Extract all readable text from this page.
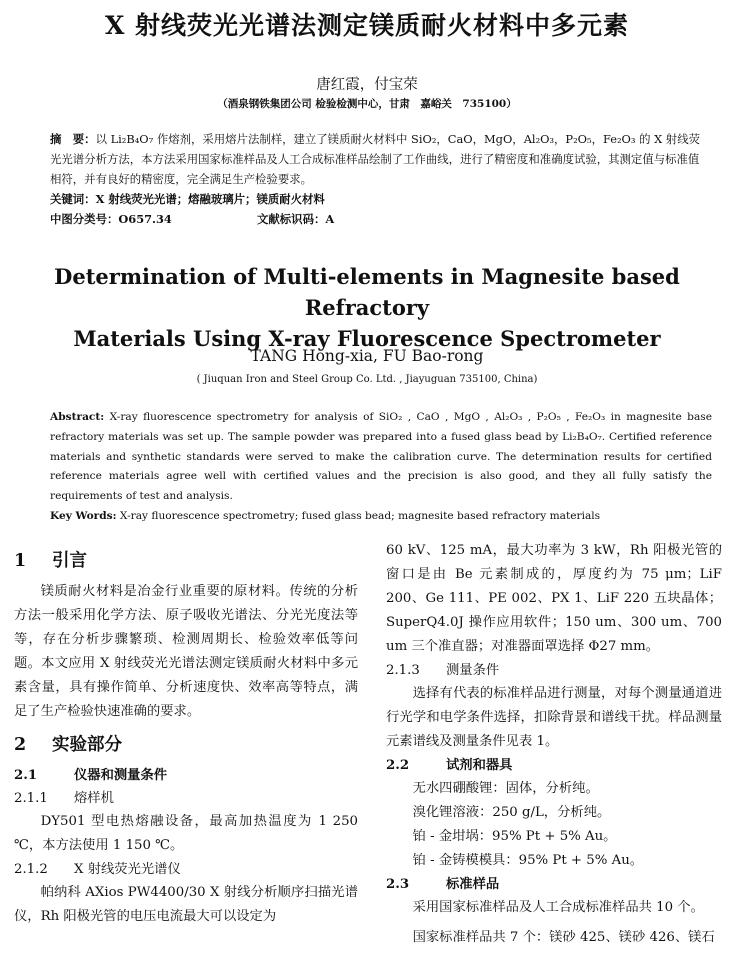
X 射线荧光光谱法测定镁质耐火材料中多元素
唐红霞，付宝荣
（酒泉钢铁集团公司 检验检测中心，甘肃　嘉峪关　735100）
摘　要：以 Li₂B₄O₇ 作熔剂，采用熔片法制样，建立了镁质耐火材料中 SiO₂，CaO，MgO，Al₂O₃，P₂O₅，Fe₂O₃ 的 X 射线荧光光谱分析方法，本方法采用国家标准样品及人工合成标准样品绘制了工作曲线，进行了精密度和准确度试验，其测定值与标准值相符，并有良好的精密度，完全满足生产检验要求。
关键词：X 射线荧光光谱；熔融玻璃片；镁质耐火材料
中图分类号：O657.34	文献标识码：A
Determination of Multi-elements in Magnesite based Refractory
Materials Using X-ray Fluorescence Spectrometer
TANG Hong-xia, FU Bao-rong
( Jiuquan Iron and Steel Group Co. Ltd. , Jiayuguan 735100, China)
Abstract: X-ray fluorescence spectrometry for analysis of SiO₂ , CaO , MgO , Al₂O₃ , P₂O₅ , Fe₂O₃ in magnesite base refractory materials was set up. The sample powder was prepared into a fused glass bead by Li₂B₄O₇. Certified reference materials and synthetic standards were served to make the calibration curve. The determination results for certified reference materials agree well with certified values and the precision is also good, and they all fully satisfy the requirements of test and analysis.
Key Words: X-ray fluorescence spectrometry; fused glass bead; magnesite based refractory materials
1 引言

镁质耐火材料是冶金行业重要的原材料。传统的分析方法一般采用化学方法、原子吸收光谱法、分光光度法等等，存在分析步骤繁琐、检测周期长、检验效率低等问题。本文应用 X 射线荧光光谱法测定镁质耐火材料中多元素含量，具有操作简单、分析速度快、效率高等特点，满足了生产检验快速准确的要求。

2 实验部分
2.1	仪器和测量条件
2.1.1 熔样机

DY501 型电热熔融设备，最高加热温度为 1 250 ℃，本方法使用 1 150 ℃。

2.1.2 X 射线荧光光谱仪

帕纳科 AXios PW4400/30 X 射线分析顺序扫描光谱仪，Rh 阳极光管的电压电流最大可以设定为

60 kV、125 mA，最大功率为 3 kW，Rh 阳极光管的窗口是由 Be 元素制成的，厚度约为 75 μm；LiF 200、Ge 111、PE 002、PX 1、LiF 220 五块晶体；SuperQ4.0J 操作应用软件；150 um、300 um、700 um 三个准直器；对准器面罩选择 Φ27 mm。

2.1.3 测量条件

选择有代表的标准样品进行测量，对每个测量通道进行光学和电学条件选择，扣除背景和谱线干扰。样品测量元素谱线及测量条件见表 1。

2.2	试剂和器具

无水四硼酸锂：固体，分析纯。

溴化锂溶液：250 g/L，分析纯。

铂 - 金坩埚：95% Pt + 5% Au。

铂 - 金铸模模具：95% Pt + 5% Au。

2.3	标准样品

采用国家标准样品及人工合成标准样品共 10 个。

国家标准样品共 7 个：镁砂 425、镁砂 426、镁石
